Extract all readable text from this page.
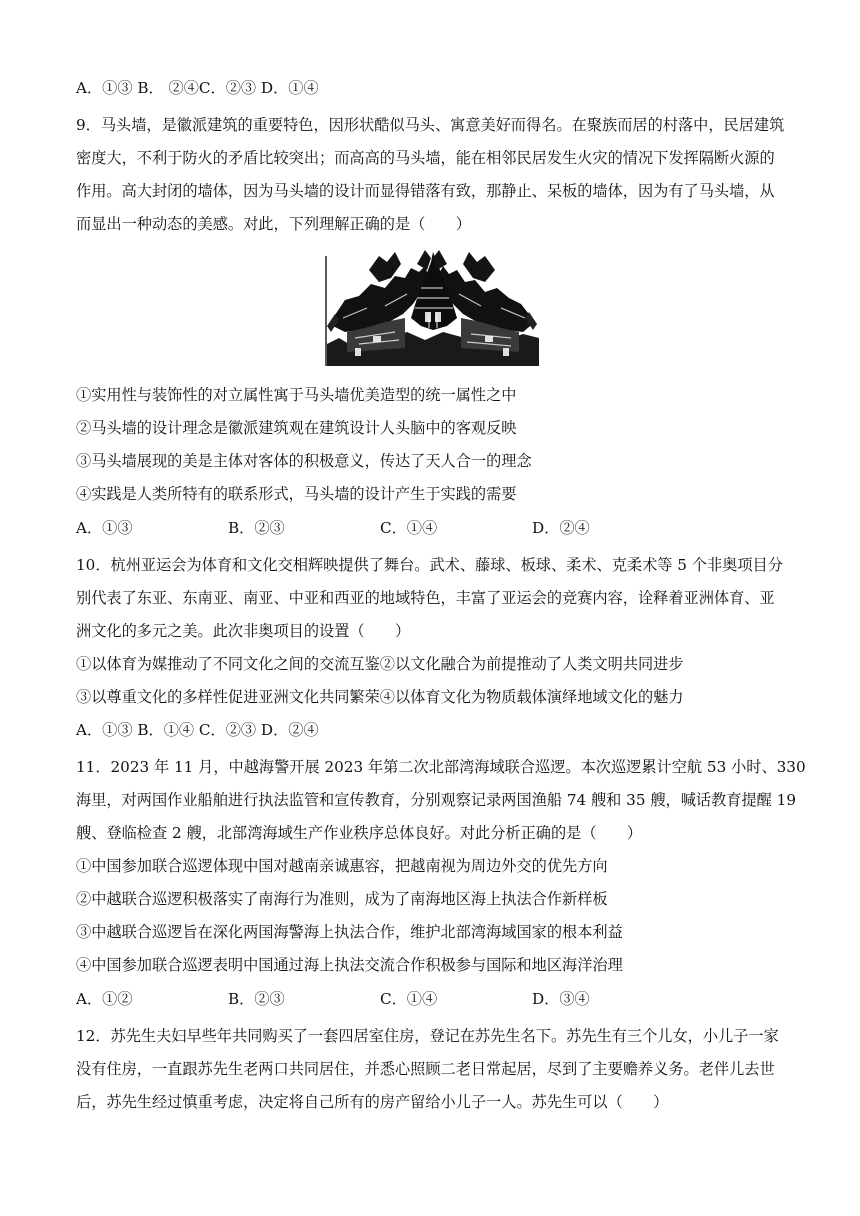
A．①③ B． ②④C．②③ D．①④
9．马头墙，是徽派建筑的重要特色，因形状酷似马头、寓意美好而得名。在聚族而居的村落中，民居建筑
密度大，不利于防火的矛盾比较突出；而高高的马头墙，能在相邻民居发生火灾的情况下发挥隔断火源的
作用。高大封闭的墙体，因为马头墙的设计而显得错落有致，那静止、呆板的墙体，因为有了马头墙，从
而显出一种动态的美感。对此，下列理解正确的是（　　）
①实用性与装饰性的对立属性寓于马头墙优美造型的统一属性之中
②马头墙的设计理念是徽派建筑观在建筑设计人头脑中的客观反映
③马头墙展现的美是主体对客体的积极意义，传达了天人合一的理念
④实践是人类所特有的联系形式，马头墙的设计产生于实践的需要
A．①③	B．②③	C．①④	D．②④
10．杭州亚运会为体育和文化交相辉映提供了舞台。武术、藤球、板球、柔术、克柔术等 5 个非奥项目分
别代表了东亚、东南亚、南亚、中亚和西亚的地域特色，丰富了亚运会的竞赛内容，诠释着亚洲体育、亚
洲文化的多元之美。此次非奥项目的设置（　　）
①以体育为媒推动了不同文化之间的交流互鉴②以文化融合为前提推动了人类文明共同进步
③以尊重文化的多样性促进亚洲文化共同繁荣④以体育文化为物质载体演绎地域文化的魅力
A．①③ B．①④ C．②③ D．②④
11．2023 年 11 月，中越海警开展 2023 年第二次北部湾海域联合巡逻。本次巡逻累计空航 53 小时、330
海里，对两国作业船舶进行执法监管和宣传教育，分别观察记录两国渔船 74 艘和 35 艘，喊话教育提醒 19
艘、登临检查 2 艘，北部湾海域生产作业秩序总体良好。对此分析正确的是（　　）
①中国参加联合巡逻体现中国对越南亲诚惠容，把越南视为周边外交的优先方向
②中越联合巡逻积极落实了南海行为准则，成为了南海地区海上执法合作新样板
③中越联合巡逻旨在深化两国海警海上执法合作，维护北部湾海域国家的根本利益
④中国参加联合巡逻表明中国通过海上执法交流合作积极参与国际和地区海洋治理
A．①②	B．②③	C．①④	D．③④
12．苏先生夫妇早些年共同购买了一套四居室住房，登记在苏先生名下。苏先生有三个儿女，小儿子一家
没有住房，一直跟苏先生老两口共同居住，并悉心照顾二老日常起居，尽到了主要赡养义务。老伴儿去世
后，苏先生经过慎重考虑，决定将自己所有的房产留给小儿子一人。苏先生可以（　　）
